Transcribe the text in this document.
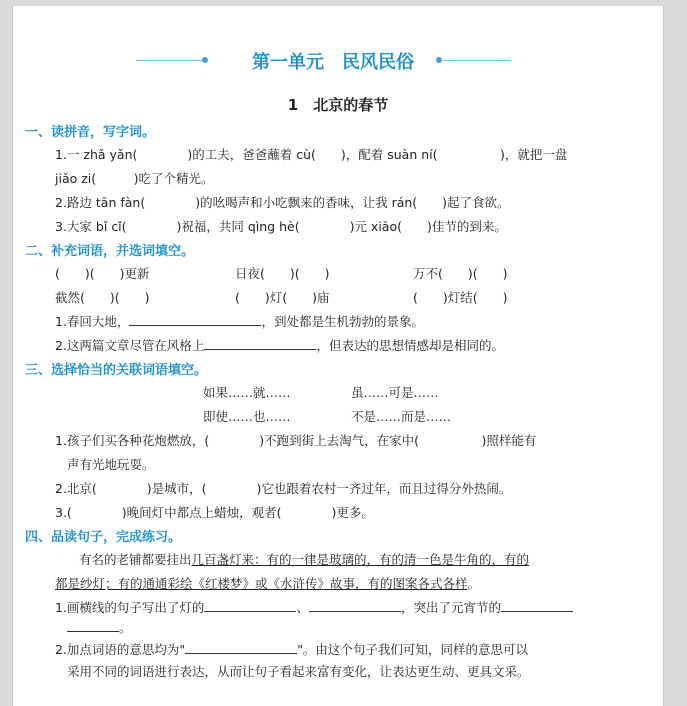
第一单元　民风民俗
1　北京的春节
一、读拼音，写字词。
1.一 zhǎ yǎn(　　　　)的工夫，爸爸蘸着 cù(　　)，配着 suàn ní(　　　　　)，就把一盘
jiǎo zi(　　　)吃了个精光。
2.路边 tān fàn(　　　　)的吆喝声和小吃飘来的香味，让我 rán(　　)起了食欲。
3.大家 bǐ cǐ(　　　　)祝福，共同 qìng hè(　　　　)元 xiāo(　　)佳节的到来。
二、补充词语，并选词填空。
(　　)(　　)更新	日夜(　　)(　　)	万不(　　)(　　)
截然(　　)(　　)	(　　)灯(　　)庙	(　　)灯结(　　)
1.春回大地，	，到处都是生机勃勃的景象。
2.这两篇文章尽管在风格上	，但表达的思想情感却是相同的。
三、选择恰当的关联词语填空。
如果……就……	虽……可是……
即使……也……	不是……而是……
1.孩子们买各种花炮燃放，(　　　　)不跑到街上去淘气，在家中(　　　　　)照样能有
声有光地玩耍。
2.北京(　　　　)是城市，(　　　　)它也跟着农村一齐过年，而且过得分外热闹。
3.(　　　　)晚间灯中都点上蜡烛，观者(　　　　)更多。
四、品读句子，完成练习。
有名的老铺都要挂出几百盏灯来：有的一律是玻璃的，有的清一色是牛角的，有的
都是纱灯；有的通通彩绘《红楼梦》或《水浒传》故事，有的图案各式各样。
1.画横线的句子写出了灯的	、	，突出了元宵节的
。
2.加点词语的意思均为"	"。由这个句子我们可知，同样的意思可以
采用不同的词语进行表达，从而让句子看起来富有变化，让表达更生动、更具文采。
